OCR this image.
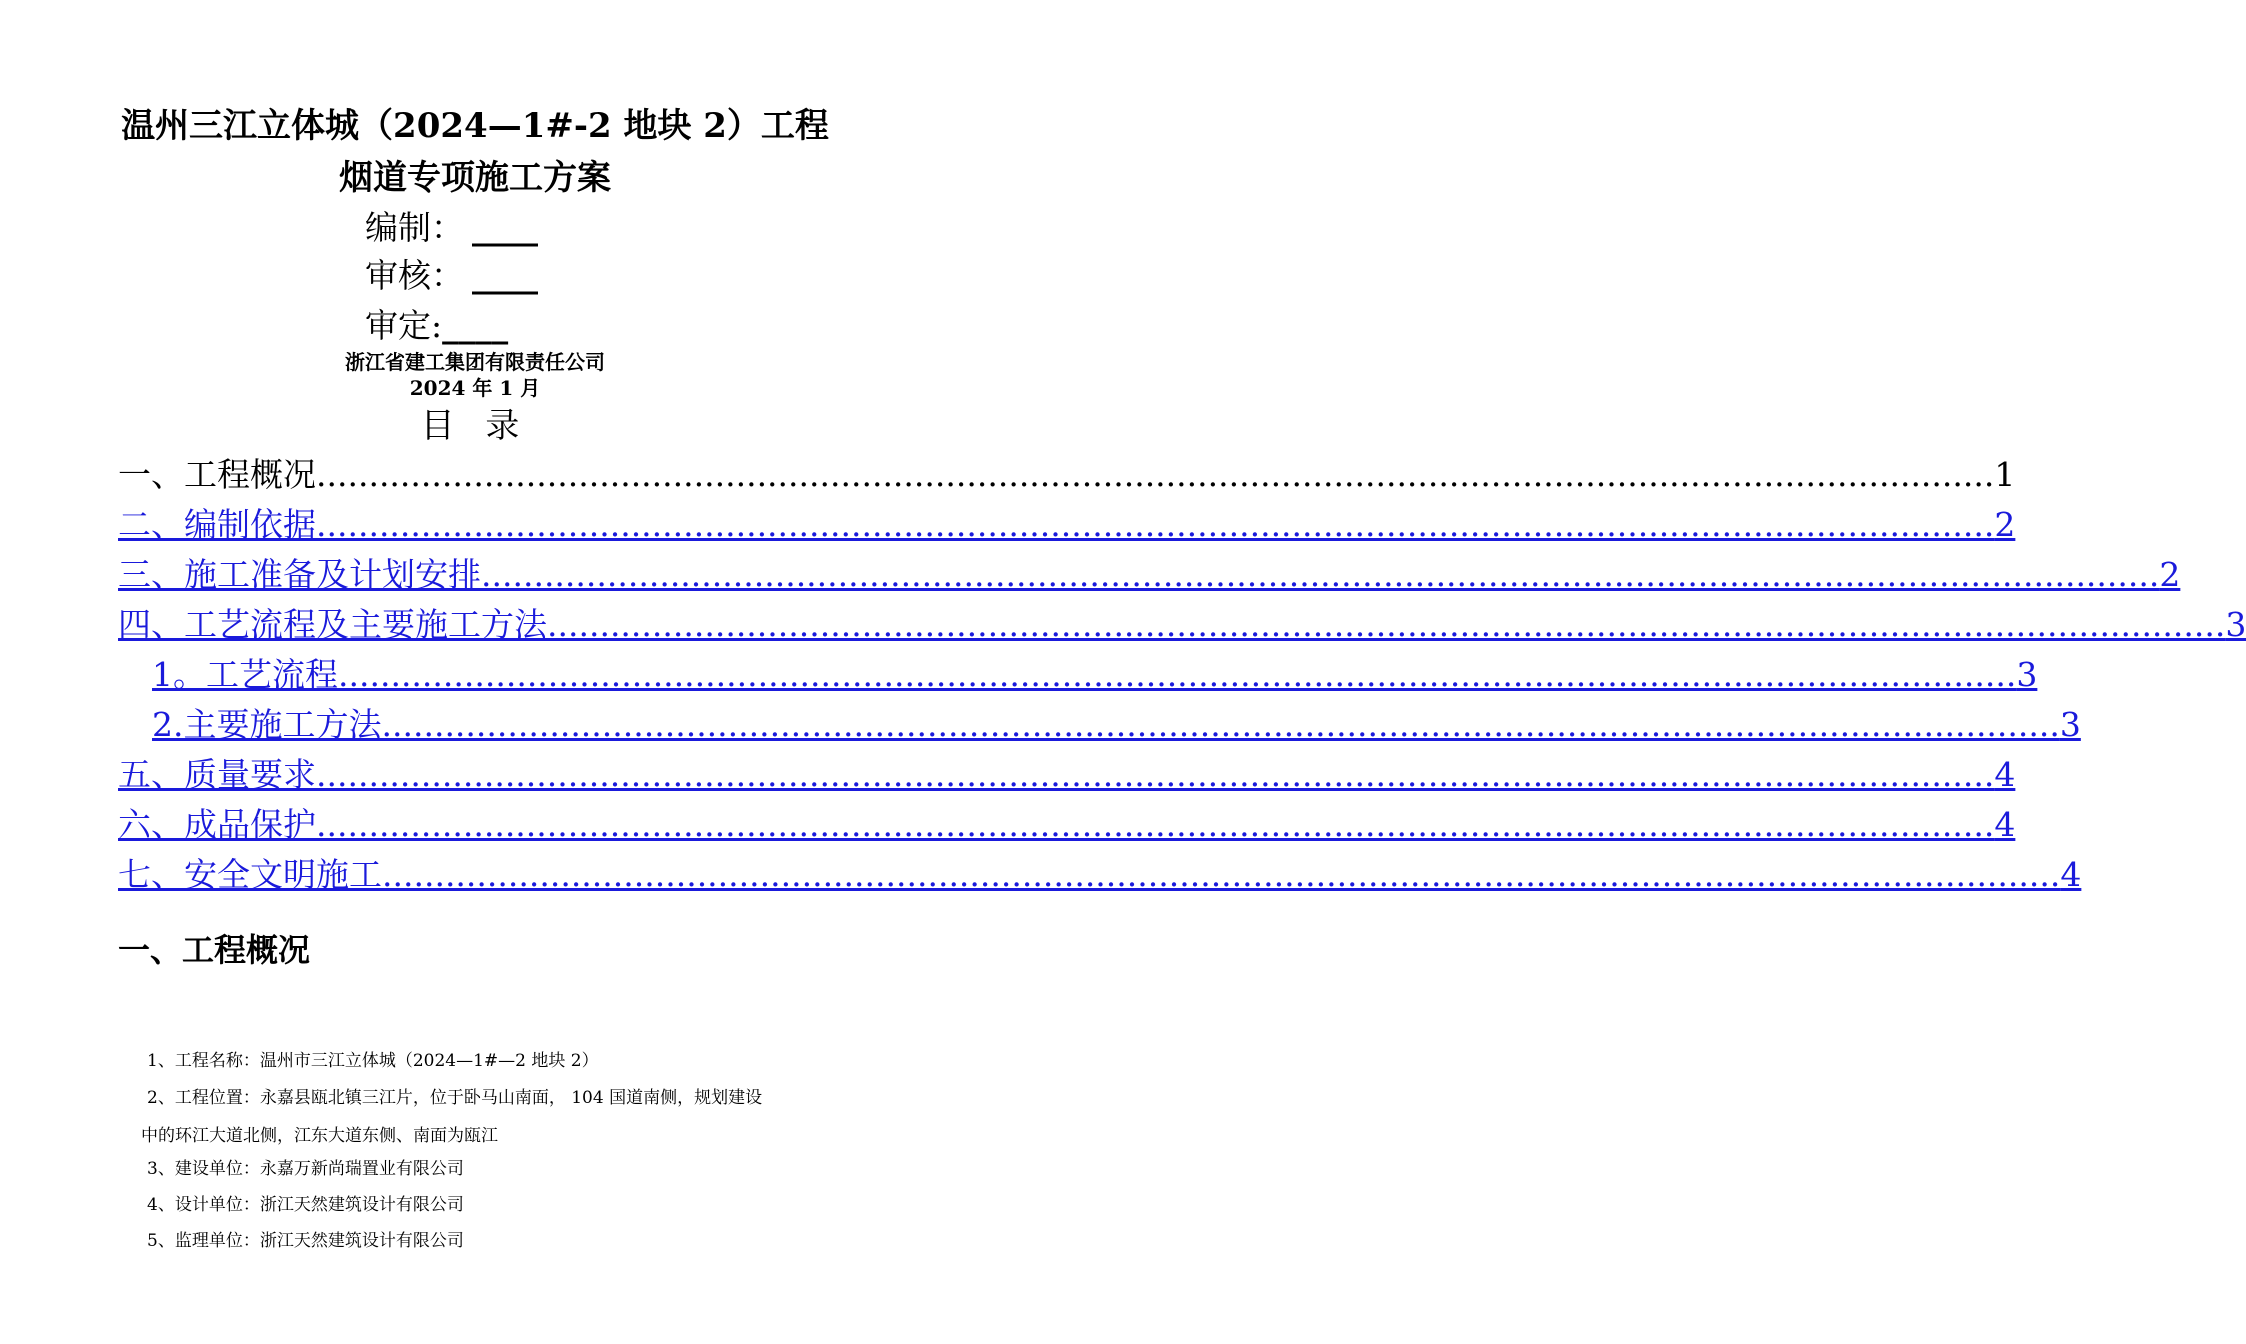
温州三江立体城（2024—1#-2 地块 2）工程
烟道专项施工方案
编制： ____
审核： ____
审定:____
浙江省建工集团有限责任公司
2024 年 1 月
目 录
一、工程概况 ................................................................................................................................................................ 1
二、编制依据 ................................................................................................................................................................ 2
三、施工准备及计划安排 ................................................................................................................................................................ 2
四、工艺流程及主要施工方法 ................................................................................................................................................................ 3
1。工艺流程 ................................................................................................................................................................ 3
2.主要施工方法 ................................................................................................................................................................ 3
五、质量要求 ................................................................................................................................................................ 4
六、成品保护 ................................................................................................................................................................ 4
七、安全文明施工 ................................................................................................................................................................ 4
一、工程概况
1、工程名称：温州市三江立体城（2024—1#—2 地块 2）
2、工程位置：永嘉县瓯北镇三江片，位于卧马山南面， 104 国道南侧，规划建设
中的环江大道北侧，江东大道东侧、南面为瓯江
3、建设单位：永嘉万新尚瑞置业有限公司
4、设计单位：浙江天然建筑设计有限公司
5、监理单位：浙江天然建筑设计有限公司
